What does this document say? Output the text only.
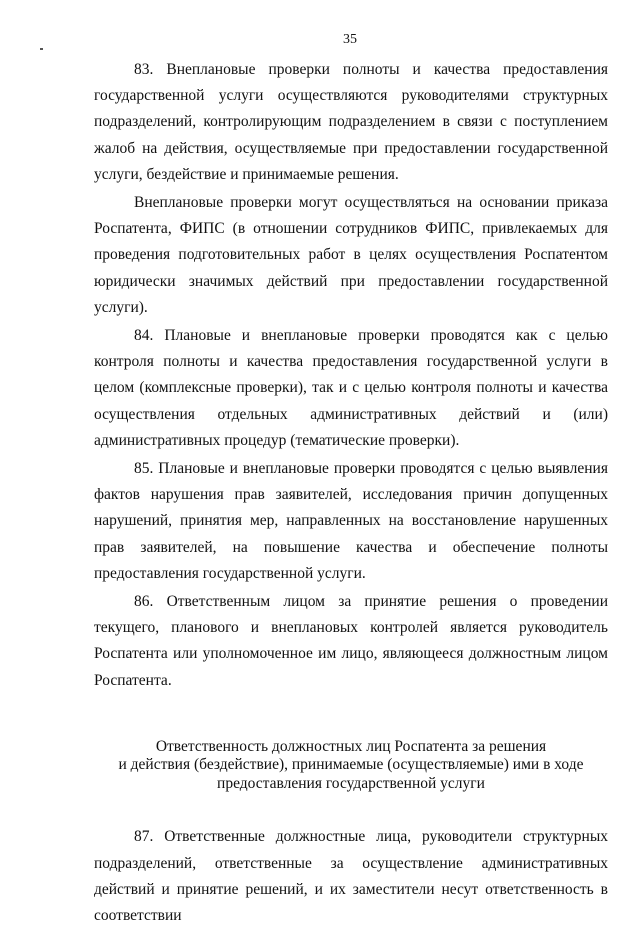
35

83. Внеплановые проверки полноты и качества предоставления государственной услуги осуществляются руководителями структурных подразделений, контролирующим подразделением в связи с поступлением жалоб на действия, осуществляемые при предоставлении государственной услуги, бездействие и принимаемые решения.

Внеплановые проверки могут осуществляться на основании приказа Роспатента, ФИПС (в отношении сотрудников ФИПС, привлекаемых для проведения подготовительных работ в целях осуществления Роспатентом юридически значимых действий при предоставлении государственной услуги).

84. Плановые и внеплановые проверки проводятся как с целью контроля полноты и качества предоставления государственной услуги в целом (комплексные проверки), так и с целью контроля полноты и качества осуществления отдельных административных действий и (или) административных процедур (тематические проверки).

85. Плановые и внеплановые проверки проводятся с целью выявления фактов нарушения прав заявителей, исследования причин допущенных нарушений, принятия мер, направленных на восстановление нарушенных прав заявителей, на повышение качества и обеспечение полноты предоставления государственной услуги.

86. Ответственным лицом за принятие решения о проведении текущего, планового и внеплановых контролей является руководитель Роспатента или уполномоченное им лицо, являющееся должностным лицом Роспатента.

Ответственность должностных лиц Роспатента за решения
и действия (бездействие), принимаемые (осуществляемые) ими в ходе
предоставления государственной услуги

87. Ответственные должностные лица, руководители структурных подразделений, ответственные за осуществление административных действий и принятие решений, и их заместители несут ответственность в соответствии
